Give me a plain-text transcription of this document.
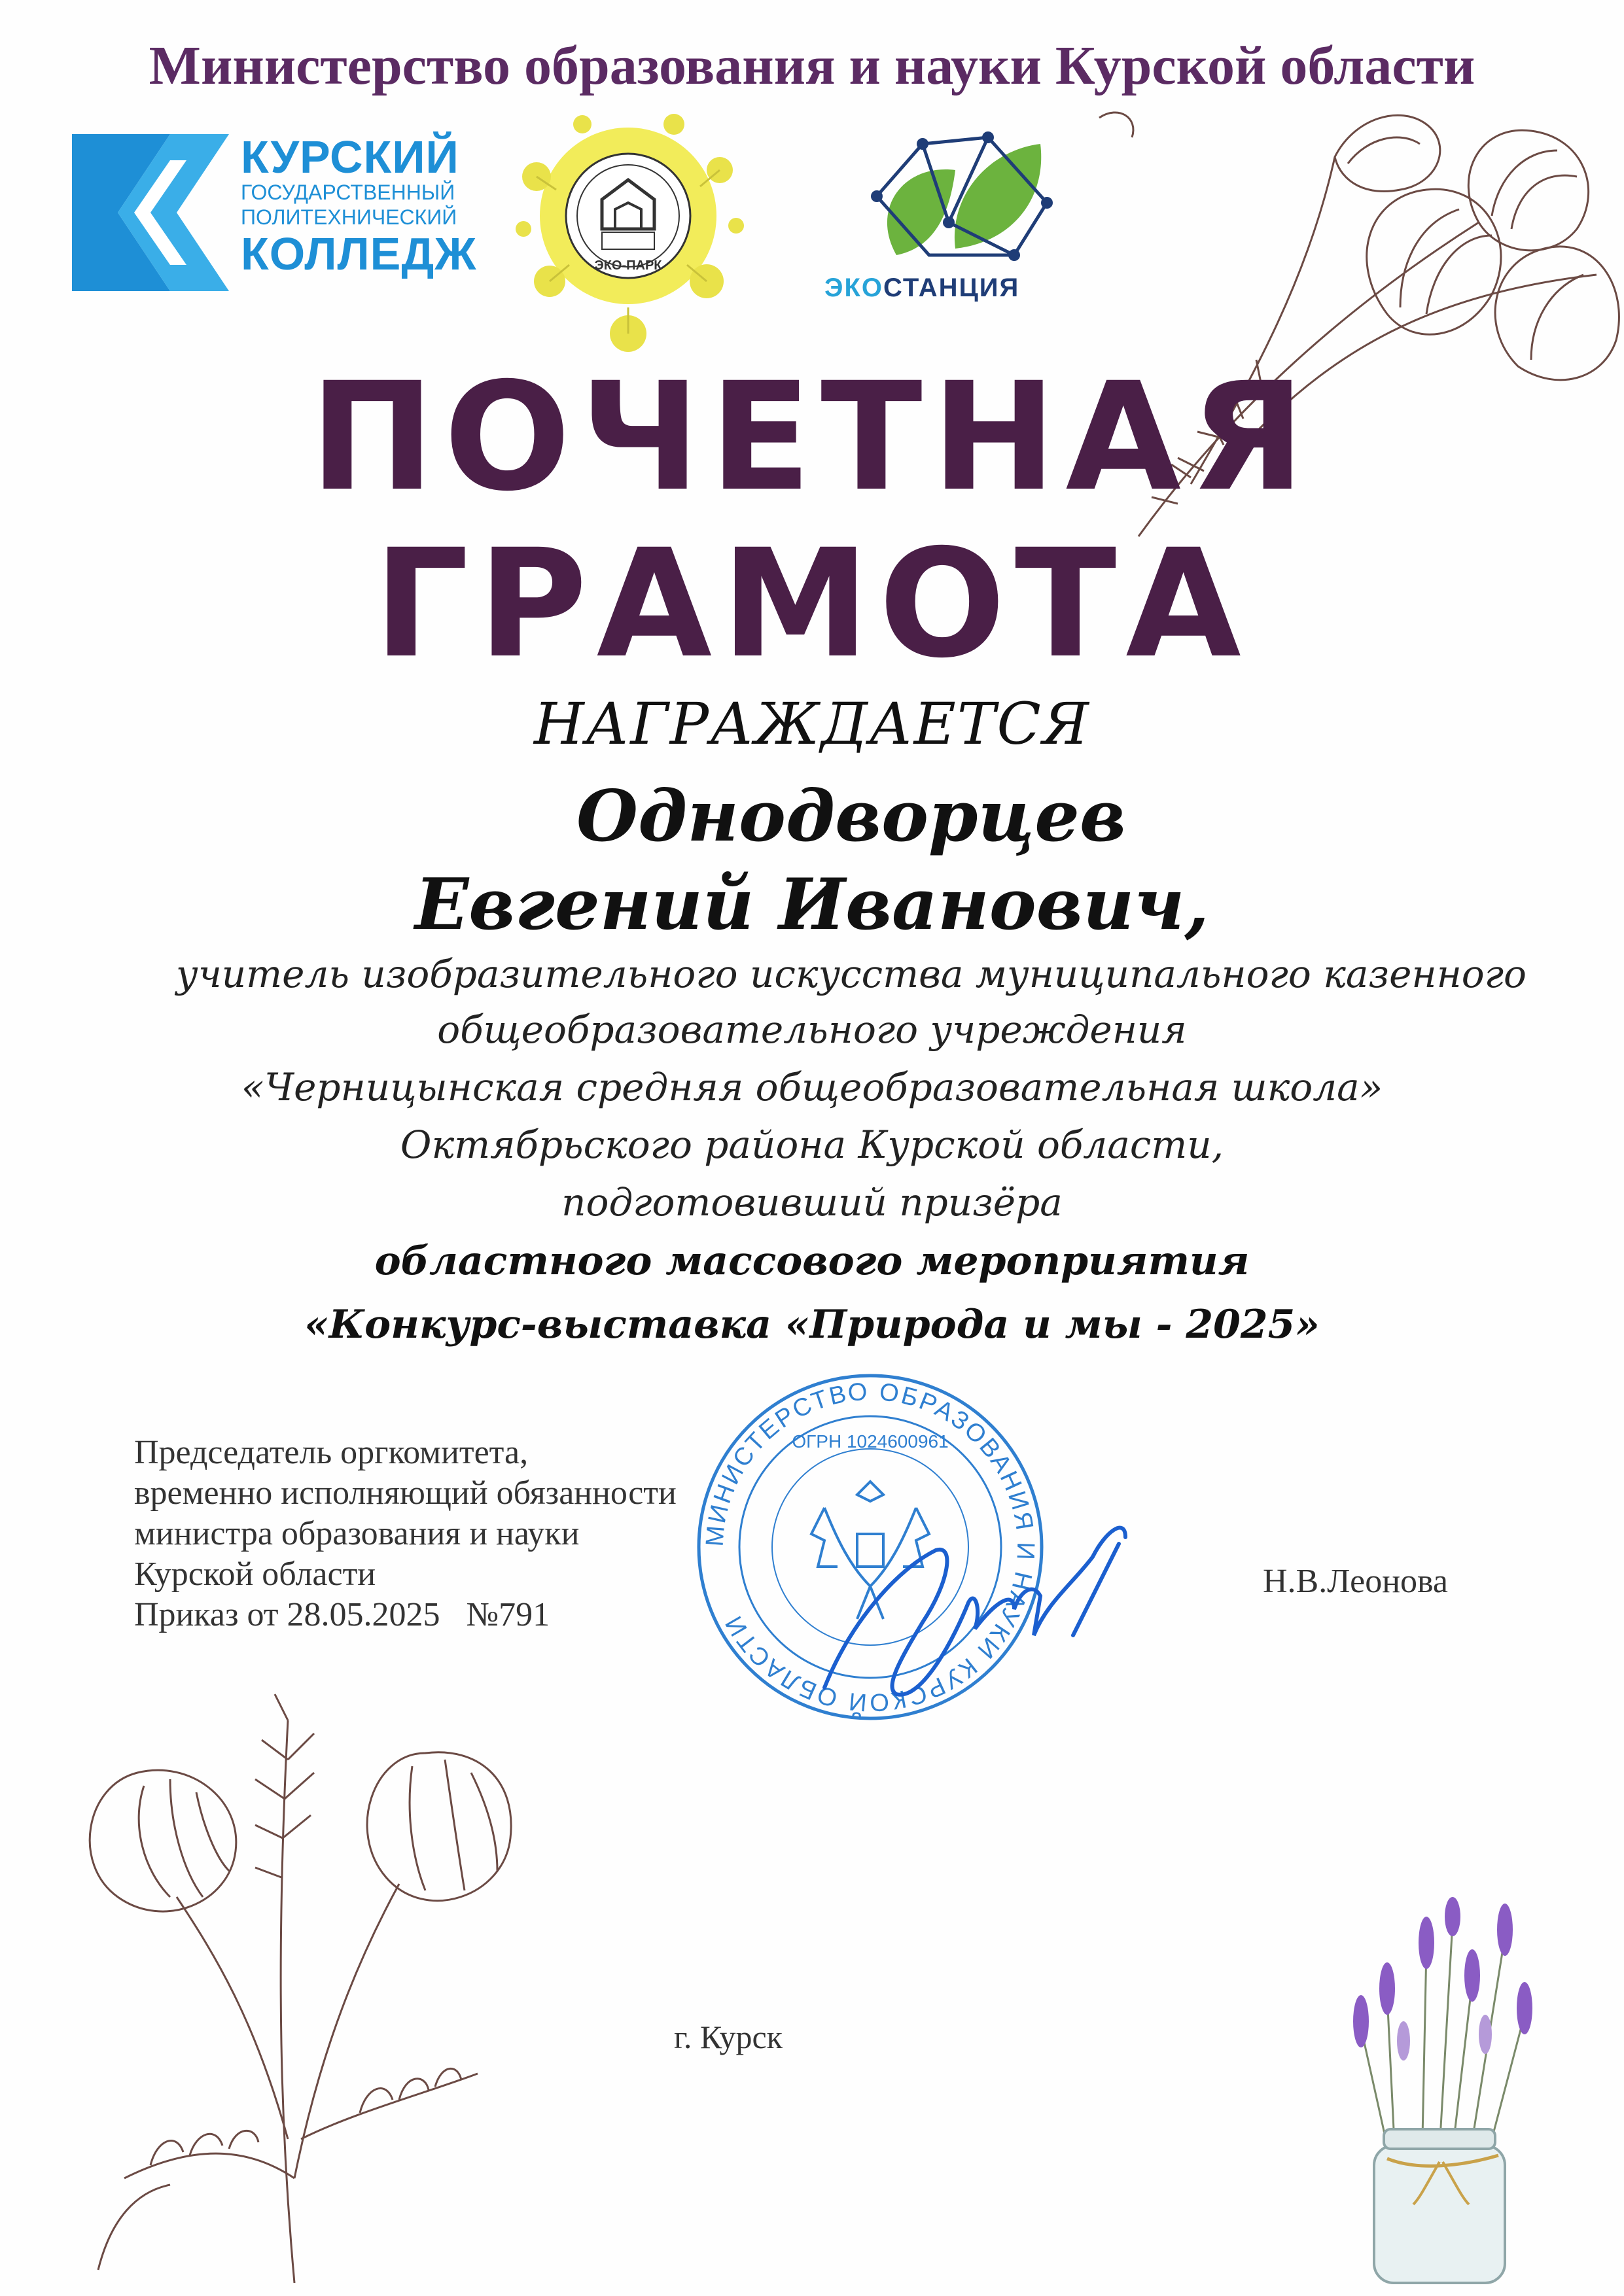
Министерство образования и науки Курской области
КУРСКИЙ
ГОСУДАРСТВЕННЫЙ
ПОЛИТЕХНИЧЕСКИЙ
КОЛЛЕДЖ	ЭКО-ПАРК
ЭКОСТАНЦИЯ
ПОЧЕТНАЯ
ГРАМОТА
НАГРАЖДАЕТСЯ
Однодворцев
Евгений Иванович,
учитель изобразительного искусства муниципального казенного
общеобразовательного учреждения
«Черницынская средняя общеобразовательная школа»
Октябрьского района Курской области,
подготовивший призёра
областного массового мероприятия
«Конкурс-выставка «Природа и мы - 2025»
МИНИСТЕРСТВО ОБРАЗОВАНИЯ И НАУКИ КУРСКОЙ ОБЛАСТИ
ОГРН 1024600961
Председатель оргкомитета,
временно исполняющий обязанности
министра образования и науки
Курской области
Приказ от 28.05.2025 №791
Н.В.Леонова
г. Курск
